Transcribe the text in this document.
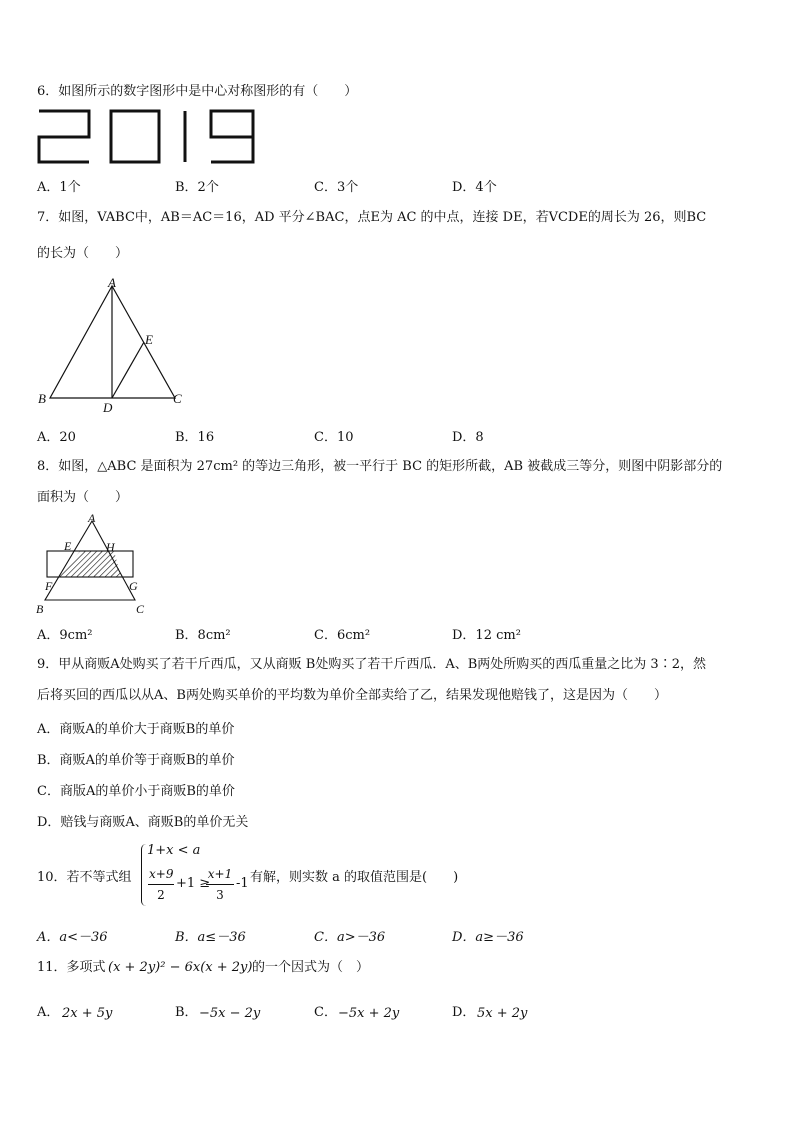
6．如图所示的数字图形中是中心对称图形的有（　　）
A．1个	B．2个	C．3个	D．4个
7．如图，VABC中，AB＝AC＝16，AD 平分∠BAC，点E为 AC 的中点，连接 DE，若VCDE的周长为 26，则BC
的长为（　　）
A
B
D
C
E
A．20	B．16	C．10	D．8
8．如图，△ABC 是面积为 27cm² 的等边三角形，被一平行于 BC 的矩形所截，AB 被截成三等分，则图中阴影部分的
面积为（　　）
A
E	H
F	G
B	C
A．9cm²	B．8cm²	C．6cm²	D．12 cm²
9．甲从商贩A处购买了若干斤西瓜，又从商贩 B处购买了若干斤西瓜．A、B两处所购买的西瓜重量之比为 3∶2，然
后将买回的西瓜以从A、B两处购买单价的平均数为单价全部卖给了乙，结果发现他赔钱了，这是因为（　　）
A．商贩A的单价大于商贩B的单价
B．商贩A的单价等于商贩B的单价
C．商版A的单价小于商贩B的单价
D．赔钱与商贩A、商贩B的单价无关
10．若不等式组
1+x < a
x+9
2
+1 ≥
x+1
3
-1 有解，则实数 a 的取值范围是(　　)
A．a<－36	B．a≤－36	C．a>－36	D．a≥－36
11．多项式 (x + 2y)² − 6x(x + 2y) 的一个因式为（　）
A． 2x + 5y	B． −5x − 2y	C． −5x + 2y	D． 5x + 2y
